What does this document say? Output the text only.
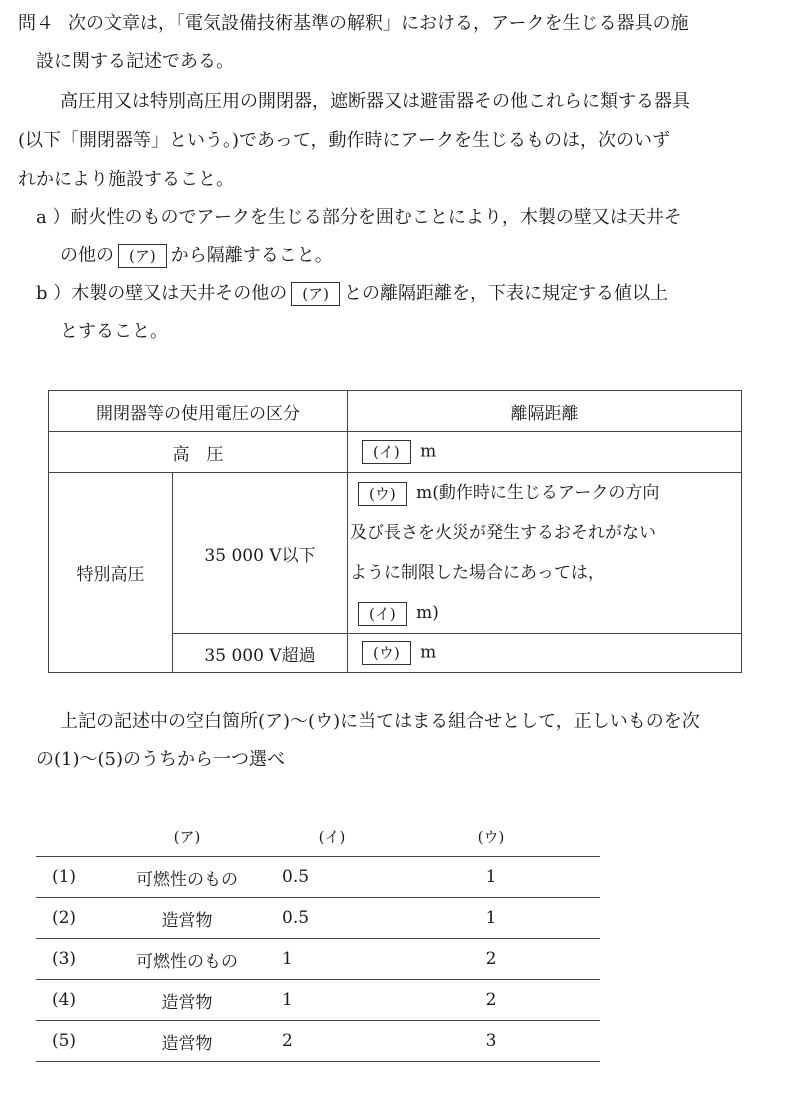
問４ 次の文章は，「電気設備技術基準の解釈」における，アークを生じる器具の施
設に関する記述である。
高圧用又は特別高圧用の開閉器，遮断器又は避雷器その他これらに類する器具
(以下「開閉器等」という。)であって，動作時にアークを生じるものは，次のいず
れかにより施設すること。
a ）耐火性のものでアークを生じる部分を囲むことにより，木製の壁又は天井そ
の他の (ア) から隔離すること。
b ）木製の壁又は天井その他の (ア) との離隔距離を，下表に規定する値以上
とすること。
開閉器等の使用電圧の区分		離隔距離
高　圧		(イ) m
特別高圧	35 000 V以下	(ウ) m(動作時に生じるアークの方向
及び長さを火災が発生するおそれがない
ように制限した場合にあっては，
(イ) m)

	35 000 V超過	(ウ) m
上記の記述中の空白箇所(ア)～(ウ)に当てはまる組合せとして，正しいものを次
の(1)～(5)のうちから一つ選べ
	(ア)	(イ)	(ウ)
(1)	可燃性のもの	0.5	1
(2)	造営物	0.5	1
(3)	可燃性のもの	1	2
(4)	造営物	1	2
(5)	造営物	2	3
